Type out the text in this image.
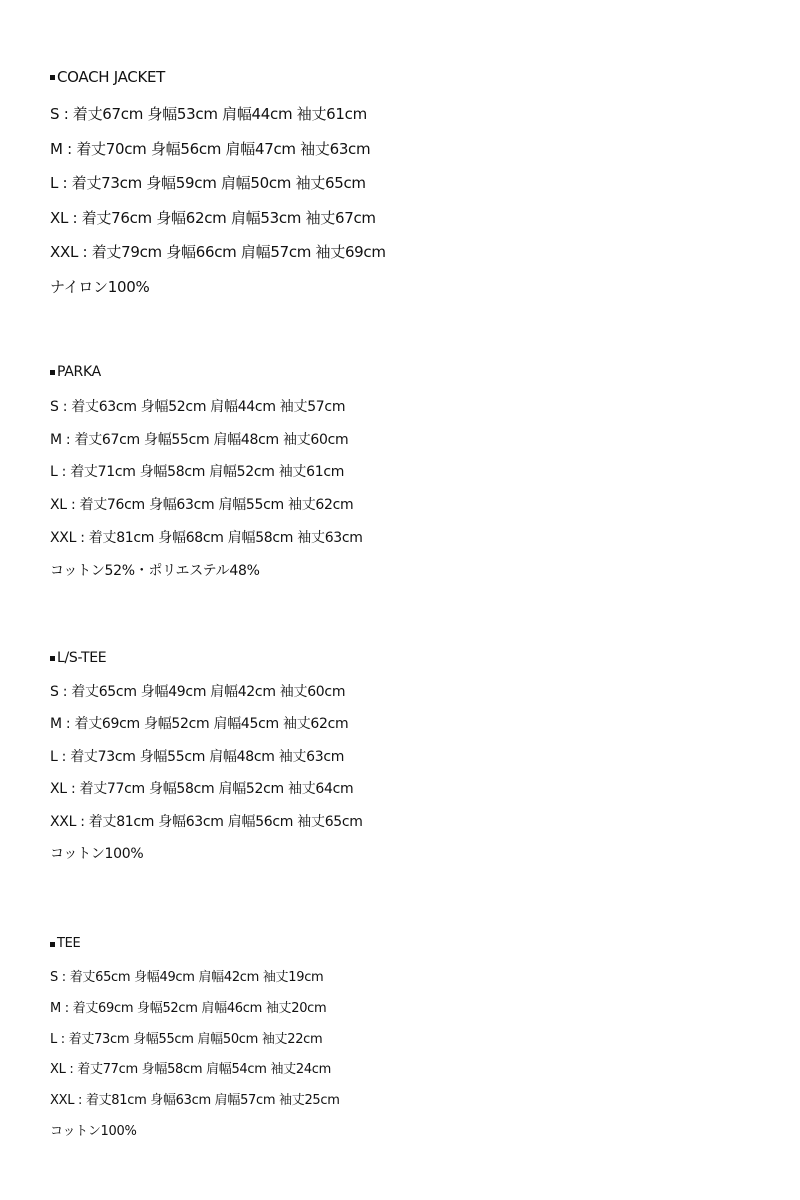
COACH JACKET
S : 着丈67cm 身幅53cm 肩幅44cm 袖丈61cm
M : 着丈70cm 身幅56cm 肩幅47cm 袖丈63cm
L : 着丈73cm 身幅59cm 肩幅50cm 袖丈65cm
XL : 着丈76cm 身幅62cm 肩幅53cm 袖丈67cm
XXL : 着丈79cm 身幅66cm 肩幅57cm 袖丈69cm
ナイロン100%
PARKA
S : 着丈63cm 身幅52cm 肩幅44cm 袖丈57cm
M : 着丈67cm 身幅55cm 肩幅48cm 袖丈60cm
L : 着丈71cm 身幅58cm 肩幅52cm 袖丈61cm
XL : 着丈76cm 身幅63cm 肩幅55cm 袖丈62cm
XXL : 着丈81cm 身幅68cm 肩幅58cm 袖丈63cm
コットン52%・ポリエステル48%
L/S-TEE
S : 着丈65cm 身幅49cm 肩幅42cm 袖丈60cm
M : 着丈69cm 身幅52cm 肩幅45cm 袖丈62cm
L : 着丈73cm 身幅55cm 肩幅48cm 袖丈63cm
XL : 着丈77cm 身幅58cm 肩幅52cm 袖丈64cm
XXL : 着丈81cm 身幅63cm 肩幅56cm 袖丈65cm
コットン100%
TEE
S : 着丈65cm 身幅49cm 肩幅42cm 袖丈19cm
M : 着丈69cm 身幅52cm 肩幅46cm 袖丈20cm
L : 着丈73cm 身幅55cm 肩幅50cm 袖丈22cm
XL : 着丈77cm 身幅58cm 肩幅54cm 袖丈24cm
XXL : 着丈81cm 身幅63cm 肩幅57cm 袖丈25cm
コットン100%
